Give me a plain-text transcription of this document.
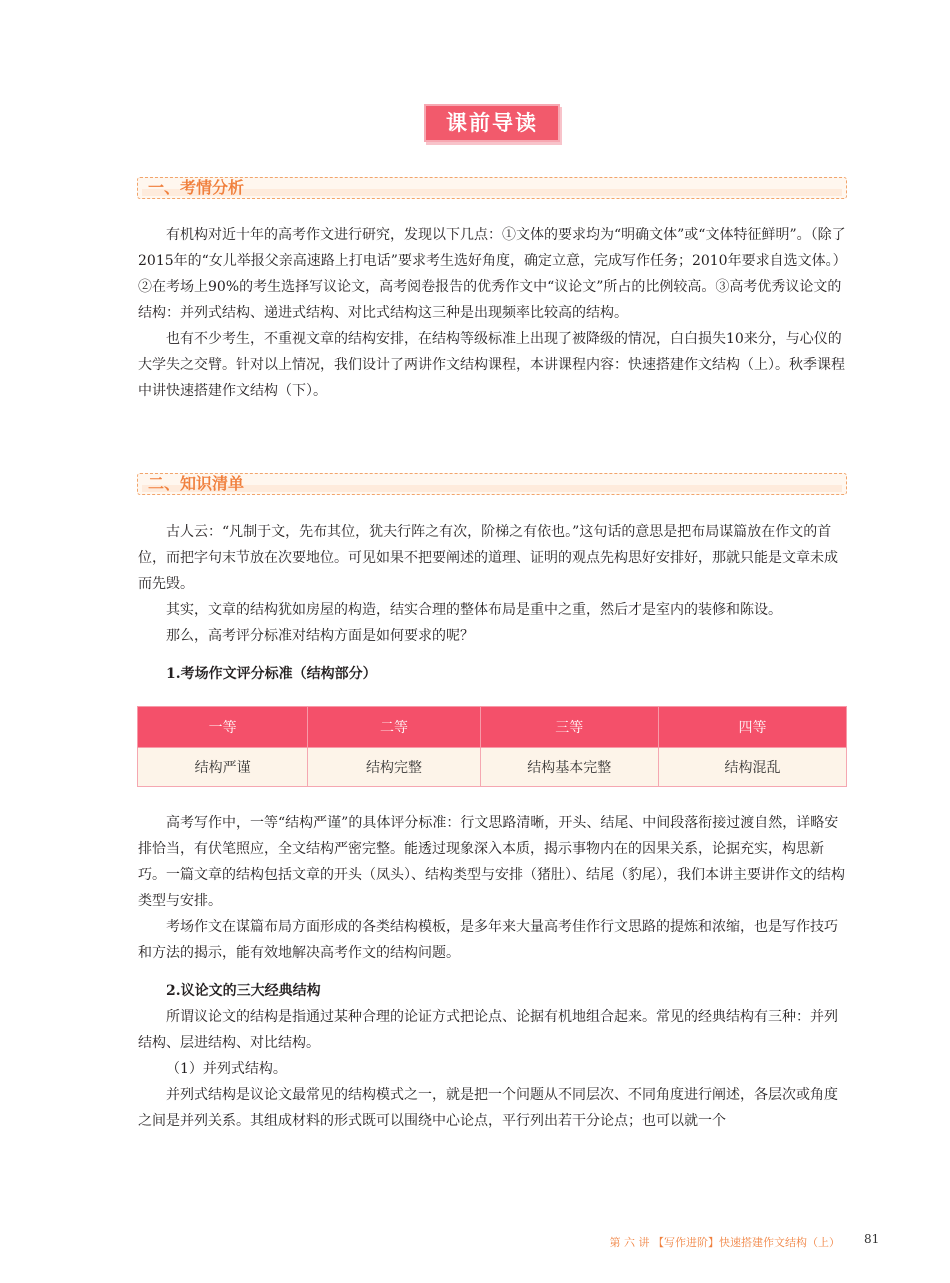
课前导读
一、考情分析

有机构对近十年的高考作文进行研究，发现以下几点：①文体的要求均为“明确文体”或“文体特征鲜明”。（除了2015年的“女儿举报父亲高速路上打电话”要求考生选好角度，确定立意，完成写作任务；2010年要求自选文体。）②在考场上90%的考生选择写议论文，高考阅卷报告的优秀作文中“议论文”所占的比例较高。③高考优秀议论文的结构：并列式结构、递进式结构、对比式结构这三种是出现频率比较高的结构。

也有不少考生，不重视文章的结构安排，在结构等级标准上出现了被降级的情况，白白损失10来分，与心仪的大学失之交臂。针对以上情况，我们设计了两讲作文结构课程，本讲课程内容：快速搭建作文结构（上）。秋季课程中讲快速搭建作文结构（下）。

二、知识清单

古人云：“凡制于文，先布其位，犹夫行阵之有次，阶梯之有依也。”这句话的意思是把布局谋篇放在作文的首位，而把字句末节放在次要地位。可见如果不把要阐述的道理、证明的观点先构思好安排好，那就只能是文章未成而先毁。

其实，文章的结构犹如房屋的构造，结实合理的整体布局是重中之重，然后才是室内的装修和陈设。

那么，高考评分标准对结构方面是如何要求的呢？

1.考场作文评分标准（结构部分）
一等	二等	三等	四等
结构严谨	结构完整	结构基本完整	结构混乱

高考写作中，一等“结构严谨”的具体评分标准：行文思路清晰，开头、结尾、中间段落衔接过渡自然，详略安排恰当，有伏笔照应，全文结构严密完整。能透过现象深入本质，揭示事物内在的因果关系，论据充实，构思新巧。一篇文章的结构包括文章的开头（凤头）、结构类型与安排（猪肚）、结尾（豹尾），我们本讲主要讲作文的结构类型与安排。

考场作文在谋篇布局方面形成的各类结构模板，是多年来大量高考佳作行文思路的提炼和浓缩，也是写作技巧和方法的揭示，能有效地解决高考作文的结构问题。

2.议论文的三大经典结构

所谓议论文的结构是指通过某种合理的论证方式把论点、论据有机地组合起来。常见的经典结构有三种：并列结构、层进结构、对比结构。

（1）并列式结构。

并列式结构是议论文最常见的结构模式之一，就是把一个问题从不同层次、不同角度进行阐述，各层次或角度之间是并列关系。其组成材料的形式既可以围绕中心论点，平行列出若干分论点；也可以就一个

第 六 讲 【写作进阶】快速搭建作文结构（上） 81
